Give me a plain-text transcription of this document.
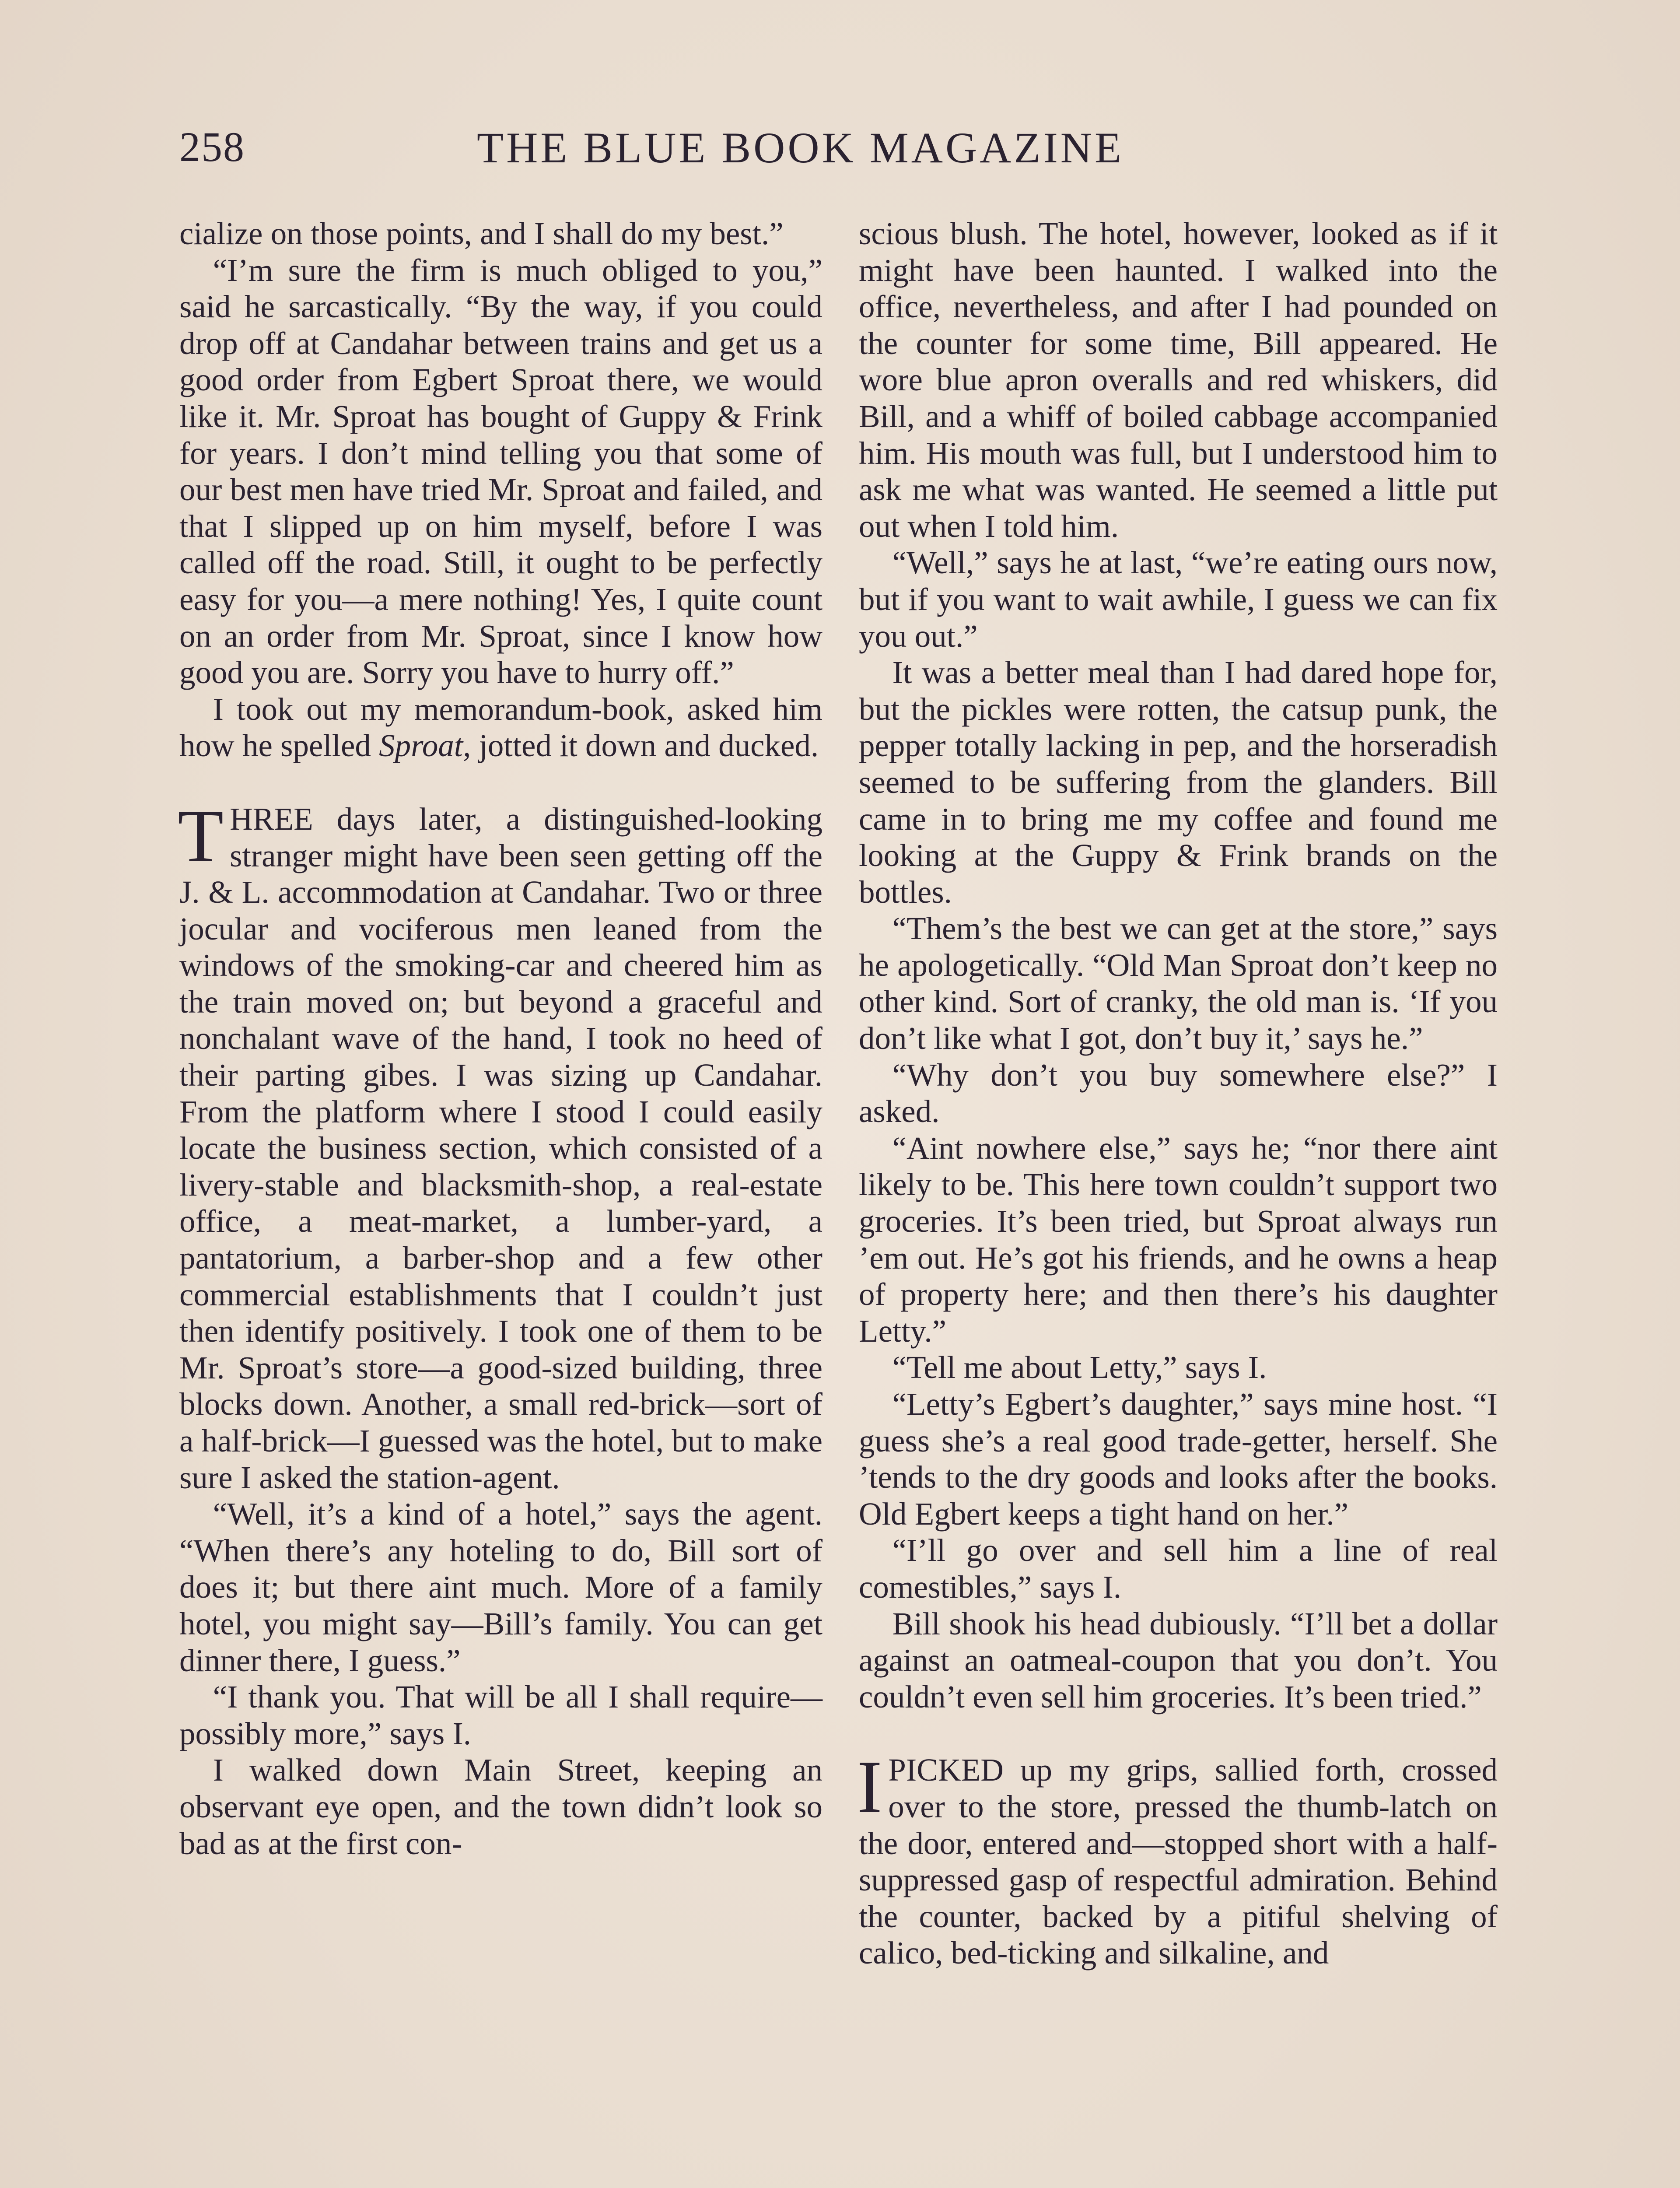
258	THE BLUE BOOK MAGAZINE

cialize on those points, and I shall do my best.”

“I’m sure the firm is much obliged to you,” said he sarcastically. “By the way, if you could drop off at Candahar between trains and get us a good order from Egbert Sproat there, we would like it. Mr. Sproat has bought of Guppy & Frink for years. I don’t mind telling you that some of our best men have tried Mr. Sproat and failed, and that I slipped up on him myself, before I was called off the road. Still, it ought to be perfectly easy for you—a mere nothing! Yes, I quite count on an order from Mr. Sproat, since I know how good you are. Sorry you have to hurry off.”

I took out my memorandum-book, asked him how he spelled Sproat, jotted it down and ducked.

THREE days later, a distinguished-looking stranger might have been seen getting off the J. & L. accommodation at Candahar. Two or three jocular and vociferous men leaned from the windows of the smoking-car and cheered him as the train moved on; but beyond a graceful and nonchalant wave of the hand, I took no heed of their parting gibes. I was sizing up Candahar. From the platform where I stood I could easily locate the business section, which consisted of a livery-stable and blacksmith-shop, a real-estate office, a meat-market, a lumber-yard, a pantatorium, a barber-shop and a few other commercial establishments that I couldn’t just then identify positively. I took one of them to be Mr. Sproat’s store—a good-sized building, three blocks down. Another, a small red-brick—sort of a half-brick—I guessed was the hotel, but to make sure I asked the station-agent.

“Well, it’s a kind of a hotel,” says the agent. “When there’s any hoteling to do, Bill sort of does it; but there aint much. More of a family hotel, you might say—Bill’s family. You can get dinner there, I guess.”

“I thank you. That will be all I shall require—possibly more,” says I.

I walked down Main Street, keeping an observant eye open, and the town didn’t look so bad as at the first con-

scious blush. The hotel, however, looked as if it might have been haunted. I walked into the office, nevertheless, and after I had pounded on the counter for some time, Bill appeared. He wore blue apron overalls and red whiskers, did Bill, and a whiff of boiled cabbage accompanied him. His mouth was full, but I understood him to ask me what was wanted. He seemed a little put out when I told him.

“Well,” says he at last, “we’re eating ours now, but if you want to wait awhile, I guess we can fix you out.”

It was a better meal than I had dared hope for, but the pickles were rotten, the catsup punk, the pepper totally lacking in pep, and the horseradish seemed to be suffering from the glanders. Bill came in to bring me my coffee and found me looking at the Guppy & Frink brands on the bottles.

“Them’s the best we can get at the store,” says he apologetically. “Old Man Sproat don’t keep no other kind. Sort of cranky, the old man is. ‘If you don’t like what I got, don’t buy it,’ says he.”

“Why don’t you buy somewhere else?” I asked.

“Aint nowhere else,” says he; “nor there aint likely to be. This here town couldn’t support two groceries. It’s been tried, but Sproat always run ’em out. He’s got his friends, and he owns a heap of property here; and then there’s his daughter Letty.”

“Tell me about Letty,” says I.

“Letty’s Egbert’s daughter,” says mine host. “I guess she’s a real good trade-getter, herself. She ’tends to the dry goods and looks after the books. Old Egbert keeps a tight hand on her.”

“I’ll go over and sell him a line of real comestibles,” says I.

Bill shook his head dubiously. “I’ll bet a dollar against an oatmeal-coupon that you don’t. You couldn’t even sell him groceries. It’s been tried.”

IPICKED up my grips, sallied forth, crossed over to the store, pressed the thumb-latch on the door, entered and—stopped short with a half-suppressed gasp of respectful admiration. Behind the counter, backed by a pitiful shelving of calico, bed-ticking and silkaline, and
